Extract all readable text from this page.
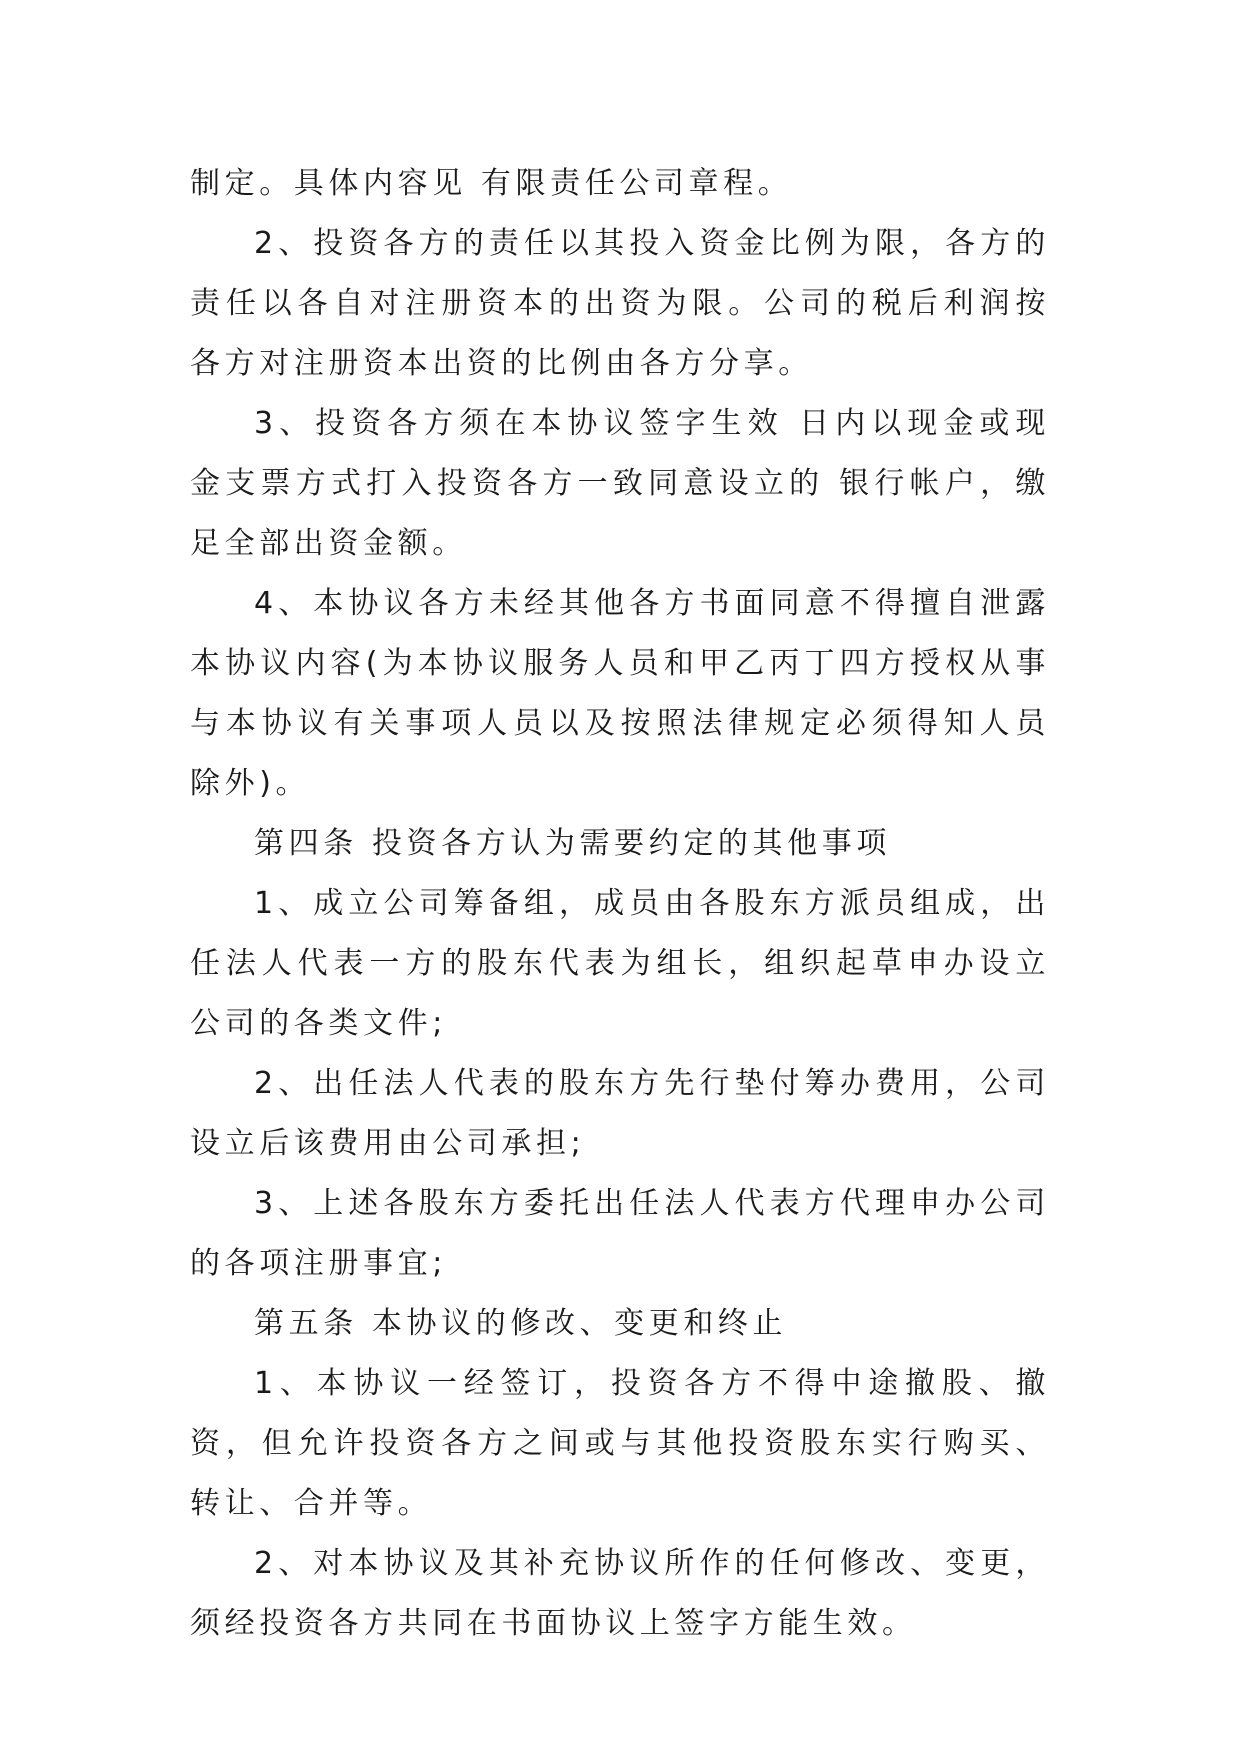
制定。具体内容见 有限责任公司章程。

2、投资各方的责任以其投入资金比例为限，各方的责任以各自对注册资本的出资为限。公司的税后利润按各方对注册资本出资的比例由各方分享。

3、投资各方须在本协议签字生效 日内以现金或现金支票方式打入投资各方一致同意设立的 银行帐户，缴足全部出资金额。

4、本协议各方未经其他各方书面同意不得擅自泄露本协议内容(为本协议服务人员和甲乙丙丁四方授权从事与本协议有关事项人员以及按照法律规定必须得知人员除外)。

第四条 投资各方认为需要约定的其他事项

1、成立公司筹备组，成员由各股东方派员组成，出任法人代表一方的股东代表为组长，组织起草申办设立公司的各类文件;

2、出任法人代表的股东方先行垫付筹办费用，公司设立后该费用由公司承担;

3、上述各股东方委托出任法人代表方代理申办公司的各项注册事宜;

第五条 本协议的修改、变更和终止

1、本协议一经签订，投资各方不得中途撤股、撤资，但允许投资各方之间或与其他投资股东实行购买、转让、合并等。

2、对本协议及其补充协议所作的任何修改、变更，须经投资各方共同在书面协议上签字方能生效。
